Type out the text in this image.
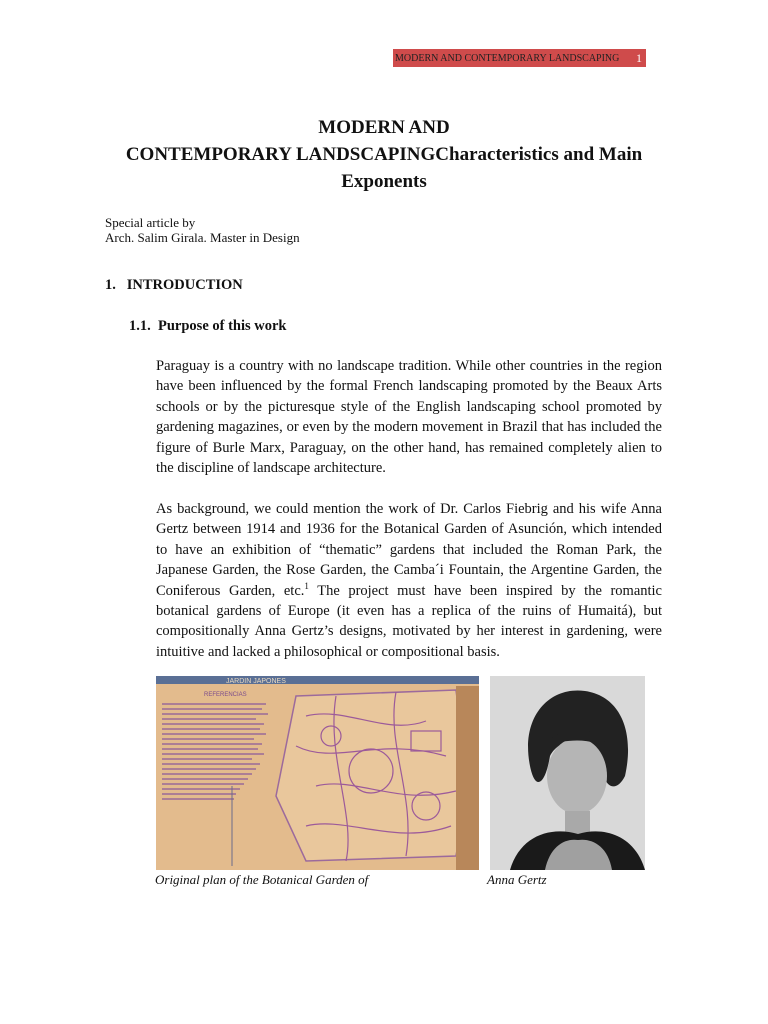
MODERN AND CONTEMPORARY LANDSCAPING	1
MODERN AND
CONTEMPORARY LANDSCAPINGCharacteristics and Main
Exponents
Special article by
Arch. Salim Girala. Master in Design
1.   INTRODUCTION
1.1.  Purpose of this work

Paraguay is a country with no landscape tradition. While other countries in the region have been influenced by the formal French landscaping promoted by the Beaux Arts schools or by the picturesque style of the English landscaping school promoted by gardening magazines, or even by the modern movement in Brazil that has included the figure of Burle Marx, Paraguay, on the other hand, has remained completely alien to the discipline of landscape architecture.

As background, we could mention the work of Dr. Carlos Fiebrig and his wife Anna Gertz between 1914 and 1936 for the Botanical Garden of Asunción, which intended to have an exhibition of “thematic” gardens that included the Roman Park, the Japanese Garden, the Rose Garden, the Camba´i Fountain, the Argentine Garden, the Coniferous Garden, etc.$^1$ The project must have been inspired by the romantic botanical gardens of Europe (it even has a replica of the ruins of Humaitá), but compositionally Anna Gertz’s designs, motivated by her interest in gardening, were intuitive and lacked a philosophical or compositional basis.

JARDIN JAPONES
REFERENCIAS
Original plan of the Botanical Garden of	Anna Gertz
